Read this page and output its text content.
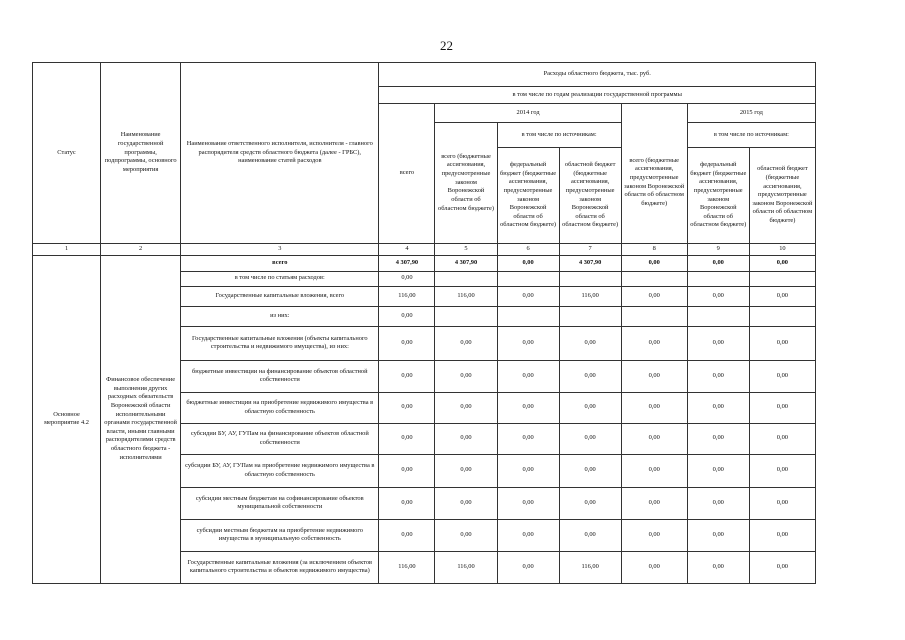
22
Статус	Наименование государственной программы, подпрограммы, основного мероприятия	Наименование ответственного исполнителя, исполнителя - главного распорядителя средств областного бюджета (далее - ГРБС), наименование статей расходов	Расходы областного бюджета, тыс. руб.						
			в том числе по годам реализации государственной программы						
			всего	2014 год				2015 год	
				всего (бюджетные ассигнования, предусмотренные законом Воронежской области об областном бюджете)	в том числе по источникам:		всего (бюджетные ассигнования, предусмотренные законом Воронежской области об областном бюджете)	в том числе по источникам:	
					федеральный бюджет (бюджетные ассигнования, предусмотренные законом Воронежской области об областном бюджете)	областной бюджет (бюджетные ассигнования, предусмотренные законом Воронежской области об областном бюджете)		федеральный бюджет (бюджетные ассигнования, предусмотренные законом Воронежской области об областном бюджете)	областной бюджет (бюджетные ассигнования, предусмотренные законом Воронежской области об областном бюджете)
1	2	3	4	5	6	7	8	9	10
Основное мероприятие 4.2	Финансовое обеспечение выполнения других расходных обязательств Воронежской области исполнительными органами государственной власти, иными главными распорядителями средств областного бюджета - исполнителями	всего	4 307,90	4 307,90	0,00	4 307,90	0,00	0,00	0,00
		в том числе по статьям расходов:	0,00						
		Государственные капитальные вложения, всего	116,00	116,00	0,00	116,00	0,00	0,00	0,00
		из них:	0,00						
		Государственные капитальные вложения (объекты капитального строительства и недвижимого имущества), из них:	0,00	0,00	0,00	0,00	0,00	0,00	0,00
		бюджетные инвестиции на финансирование объектов областной собственности	0,00	0,00	0,00	0,00	0,00	0,00	0,00
		бюджетные инвестиции на приобретение недвижимого имущества в областную собственность	0,00	0,00	0,00	0,00	0,00	0,00	0,00
		субсидии БУ, АУ, ГУПам на финансирование объектов областной собственности	0,00	0,00	0,00	0,00	0,00	0,00	0,00
		субсидии БУ, АУ, ГУПам на приобретение недвижимого имущества в областную собственность	0,00	0,00	0,00	0,00	0,00	0,00	0,00
		субсидии местным бюджетам на софинансирование объектов муниципальной собственности	0,00	0,00	0,00	0,00	0,00	0,00	0,00
		субсидии местным бюджетам на приобретение недвижимого имущества в муниципальную собственность	0,00	0,00	0,00	0,00	0,00	0,00	0,00
		Государственные капитальные вложения (за исключением объектов капитального строительства и объектов недвижимого имущества)	116,00	116,00	0,00	116,00	0,00	0,00	0,00
